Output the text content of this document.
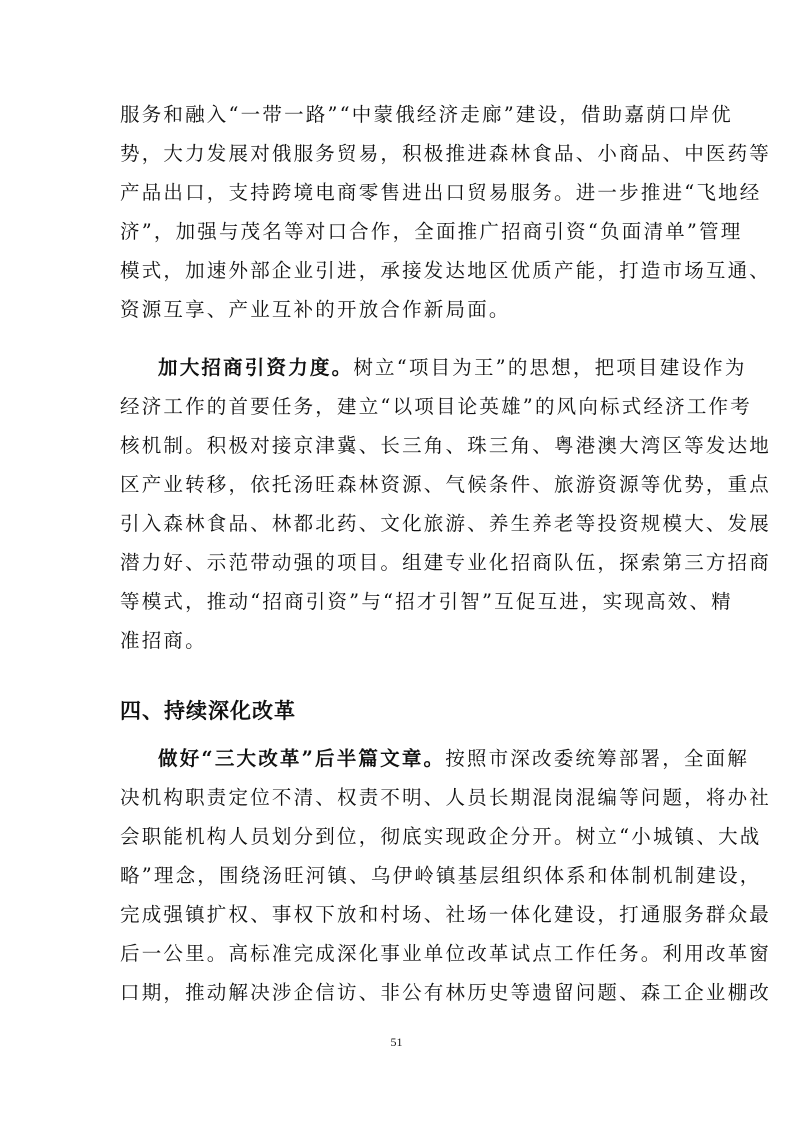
服务和融入“一带一路”“中蒙俄经济走廊”建设，借助嘉荫口岸优
势，大力发展对俄服务贸易，积极推进森林食品、小商品、中医药等
产品出口，支持跨境电商零售进出口贸易服务。进一步推进“飞地经
济”，加强与茂名等对口合作，全面推广招商引资“负面清单”管理
模式，加速外部企业引进，承接发达地区优质产能，打造市场互通、
资源互享、产业互补的开放合作新局面。
加大招商引资力度。树立“项目为王”的思想，把项目建设作为
经济工作的首要任务，建立“以项目论英雄”的风向标式经济工作考
核机制。积极对接京津冀、长三角、珠三角、粤港澳大湾区等发达地
区产业转移，依托汤旺森林资源、气候条件、旅游资源等优势，重点
引入森林食品、林都北药、文化旅游、养生养老等投资规模大、发展
潜力好、示范带动强的项目。组建专业化招商队伍，探索第三方招商
等模式，推动“招商引资”与“招才引智”互促互进，实现高效、精
准招商。
四、持续深化改革
做好“三大改革”后半篇文章。按照市深改委统筹部署，全面解
决机构职责定位不清、权责不明、人员长期混岗混编等问题，将办社
会职能机构人员划分到位，彻底实现政企分开。树立“小城镇、大战
略”理念，围绕汤旺河镇、乌伊岭镇基层组织体系和体制机制建设，
完成强镇扩权、事权下放和村场、社场一体化建设，打通服务群众最
后一公里。高标准完成深化事业单位改革试点工作任务。利用改革窗
口期，推动解决涉企信访、非公有林历史等遗留问题、森工企业棚改
51
